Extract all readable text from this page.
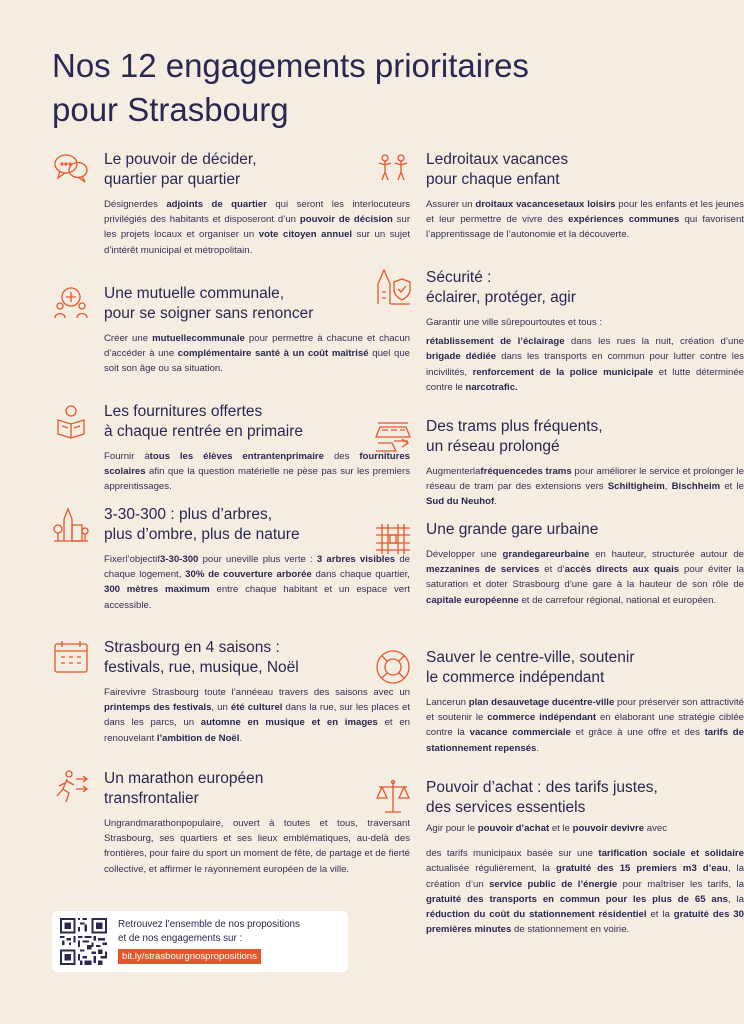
Nos 12 engagements prioritaires
pour Strasbourg
Le pouvoir de décider,
quartier par quartier

Désignerdes adjoints de quartier qui seront les interlocuteurs privilégiés des habitants et disposeront d’un pouvoir de décision sur les projets locaux et organiser un vote citoyen annuel sur un sujet d’intérêt municipal et métropolitain.

Une mutuelle communale,
pour se soigner sans renoncer

Créer une mutuellecommunale pour permettre à chacune et chacun d’accéder à une complémentaire santé à un coût maîtrisé quel que soit son âge ou sa situation.

Les fournitures offertes
à chaque rentrée en primaire

Fournir àtous les élèves entrantenprimaire des fournitures scolaires afin que la question matérielle ne pèse pas sur les premiers apprentissages.

3-30-300 : plus d’arbres,
plus d’ombre, plus de nature

Fixerl’objectif3-30-300 pour uneville plus verte : 3 arbres visibles de chaque logement, 30% de couverture arborée dans chaque quartier, 300 mètres maximum entre chaque habitant et un espace vert accessible.

Strasbourg en 4 saisons :
festivals, rue, musique, Noël

Fairevivre Strasbourg toute l’annéeau travers des saisons avec un printemps des festivals, un été culturel dans la rue, sur les places et dans les parcs, un automne en musique et en images et en renouvelant l’ambition de Noël.

Un marathon européen
transfrontalier

Ungrandmarathonpopulaire, ouvert à toutes et tous, traversant Strasbourg, ses quartiers et ses lieux emblématiques, au-delà des frontières, pour faire du sport un moment de fête, de partage et de fierté collective, et affirmer le rayonnement européen de la ville.

Ledroitaux vacances
pour chaque enfant

Assurer un droitaux vacancesetaux loisirs pour les enfants et les jeunes et leur permettre de vivre des expériences communes qui favorisent l’apprentissage de l’autonomie et la découverte.

Sécurité :
éclairer, protéger, agir

Garantir une ville sûrepourtoutes et tous :

rétablissement de l’éclairage dans les rues la nuit, création d’une brigade dédiée dans les transports en commun pour lutter contre les incivilités, renforcement de la police municipale et lutte déterminée contre le narcotrafic.

Des trams plus fréquents,
un réseau prolongé

Augmenterlafréquencedes trams pour améliorer le service et prolonger le réseau de tram par des extensions vers Schiltigheim, Bischheim et le Sud du Neuhof.

Une grande gare urbaine

Développer une grandegareurbaine en hauteur, structurée autour de mezzanines de services et d’accès directs aux quais pour éviter la saturation et doter Strasbourg d’une gare à la hauteur de son rôle de capitale européenne et de carrefour régional, national et européen.

Sauver le centre-ville, soutenir
le commerce indépendant

Lancerun plan desauvetage ducentre-ville pour préserver son attractivité et soutenir le commerce indépendant en élaborant une stratégie ciblée contre la vacance commerciale et grâce à une offre et des tarifs de stationnement repensés.

Pouvoir d’achat : des tarifs justes,
des services essentiels

Agir pour le pouvoir d’achat et le pouvoir devivre avec

des tarifs municipaux basée sur une tarification sociale et solidaire actualisée régulièrement, la gratuité des 15 premiers m3 d’eau, la création d’un service public de l’énergie pour maîtriser les tarifs, la gratuité des transports en commun pour les plus de 65 ans, la réduction du coût du stationnement résidentiel et la gratuité des 30 premières minutes de stationnement en voirie.

Retrouvez l’ensemble de nos propositions
et de nos engagements sur :
bit.ly/strasbourgnospropositions
